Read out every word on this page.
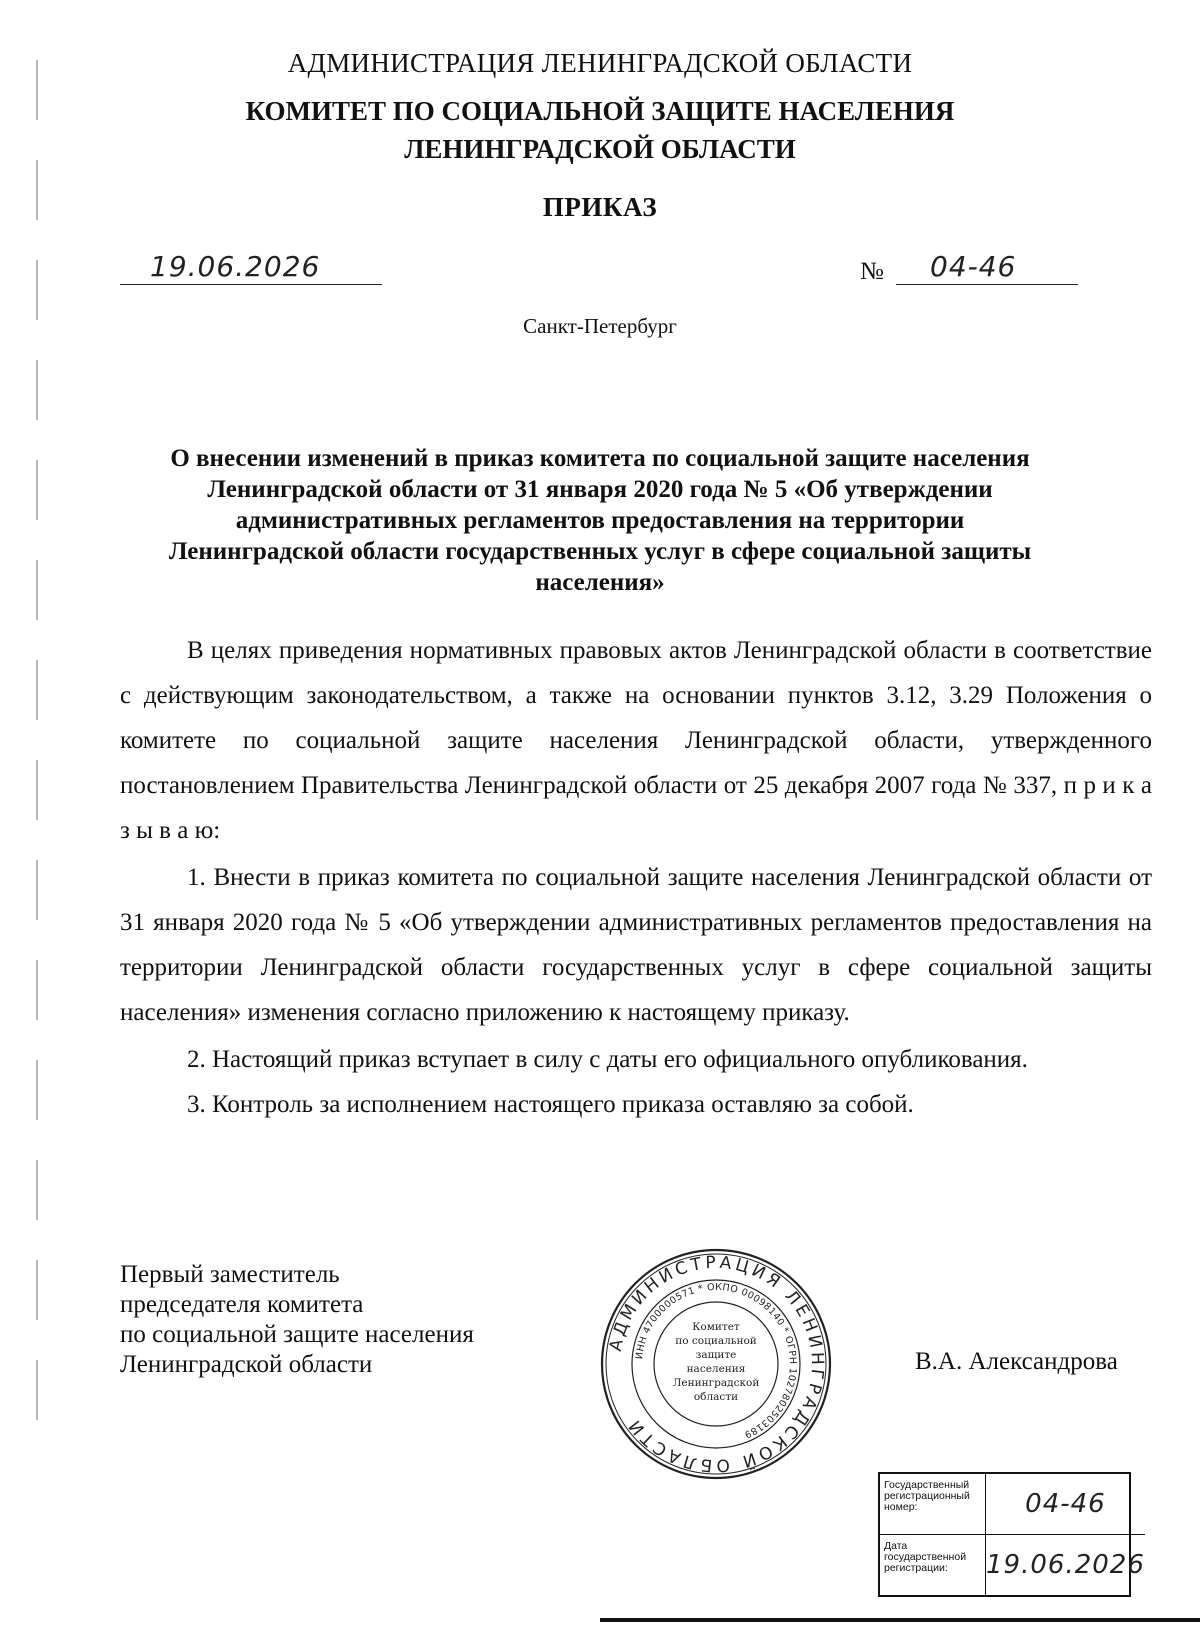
АДМИНИСТРАЦИЯ ЛЕНИНГРАДСКОЙ ОБЛАСТИ
КОМИТЕТ ПО СОЦИАЛЬНОЙ ЗАЩИТЕ НАСЕЛЕНИЯ
ЛЕНИНГРАДСКОЙ ОБЛАСТИ
ПРИКАЗ
19.06.2026	№ 04-46
Санкт-Петербург
О внесении изменений в приказ комитета по социальной защите населения
Ленинградской области от 31 января 2020 года № 5 «Об утверждении
административных регламентов предоставления на территории
Ленинградской области государственных услуг в сфере социальной защиты
населения»

В целях приведения нормативных правовых актов Ленинградской области в соответствие с действующим законодательством, а также на основании пунктов 3.12, 3.29 Положения о комитете по социальной защите населения Ленинградской области, утвержденного постановлением Правительства Ленинградской области от 25 декабря 2007 года № 337, п р и к а з ы в а ю:

1. Внести в приказ комитета по социальной защите населения Ленинградской области от 31 января 2020 года № 5 «Об утверждении административных регламентов предоставления на территории Ленинградской области государственных услуг в сфере социальной защиты населения» изменения согласно приложению к настоящему приказу.

2. Настоящий приказ вступает в силу с даты его официального опубликования.

3. Контроль за исполнением настоящего приказа оставляю за собой.

Первый заместитель
председателя комитета
по социальной защите населения
Ленинградской области
АДМИНИСТРАЦИЯ ЛЕНИНГРАДСКОЙ ОБЛАСТИ
ИНН 4700000571 * ОКПО 00098140 * ОГРН 1027802503189
Комитет
по социальной
защите
населения
Ленинградской
области
В.А. Александрова
Государственный
регистрационный
номер:	04-46
Дата
государственной
регистрации:	19.06.2026
